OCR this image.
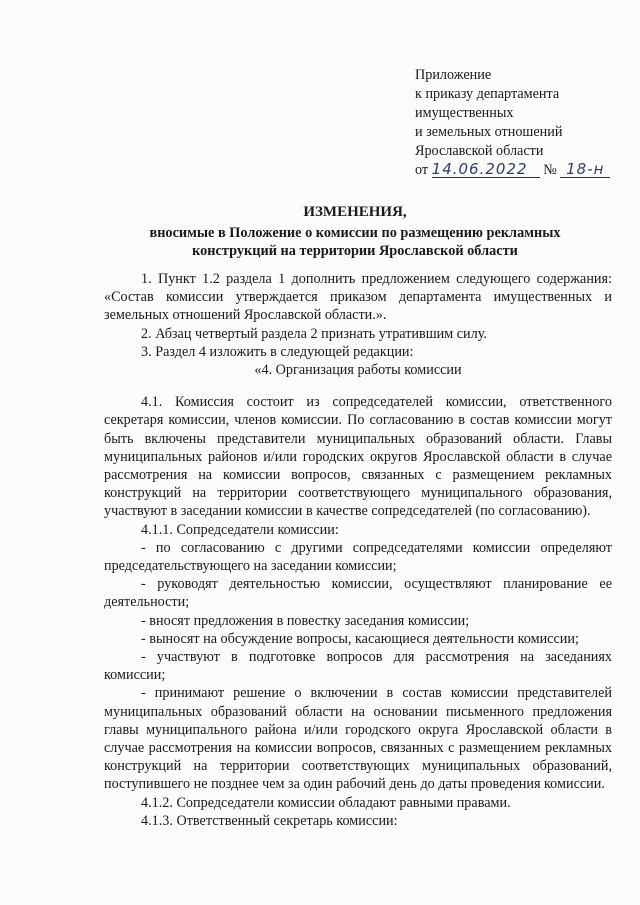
Приложение
к приказу департамента
имущественных
и земельных отношений
Ярославской области
от 14.06.2022 № 18-н
ИЗМЕНЕНИЯ,
вносимые в Положение о комиссии по размещению рекламных
конструкций на территории Ярославской области

1. Пункт 1.2 раздела 1 дополнить предложением следующего содержания: «Состав комиссии утверждается приказом департамента имущественных и земельных отношений Ярославской области.».

2. Абзац четвертый раздела 2 признать утратившим силу.

3. Раздел 4 изложить в следующей редакции:

«4. Организация работы комиссии

4.1. Комиссия состоит из сопредседателей комиссии, ответственного секретаря комиссии, членов комиссии. По согласованию в состав комиссии могут быть включены представители муниципальных образований области. Главы муниципальных районов и/или городских округов Ярославской области в случае рассмотрения на комиссии вопросов, связанных с размещением рекламных конструкций на территории соответствующего муниципального образования, участвуют в заседании комиссии в качестве сопредседателей (по согласованию).

4.1.1. Сопредседатели комиссии:

- по согласованию с другими сопредседателями комиссии определяют председательствующего на заседании комиссии;

- руководят деятельностью комиссии, осуществляют планирование ее деятельности;

- вносят предложения в повестку заседания комиссии;

- выносят на обсуждение вопросы, касающиеся деятельности комиссии;

- участвуют в подготовке вопросов для рассмотрения на заседаниях комиссии;

- принимают решение о включении в состав комиссии представителей муниципальных образований области на основании письменного предложения главы муниципального района и/или городского округа Ярославской области в случае рассмотрения на комиссии вопросов, связанных с размещением рекламных конструкций на территории соответствующих муниципальных образований, поступившего не позднее чем за один рабочий день до даты проведения комиссии.

4.1.2. Сопредседатели комиссии обладают равными правами.

4.1.3. Ответственный секретарь комиссии:
